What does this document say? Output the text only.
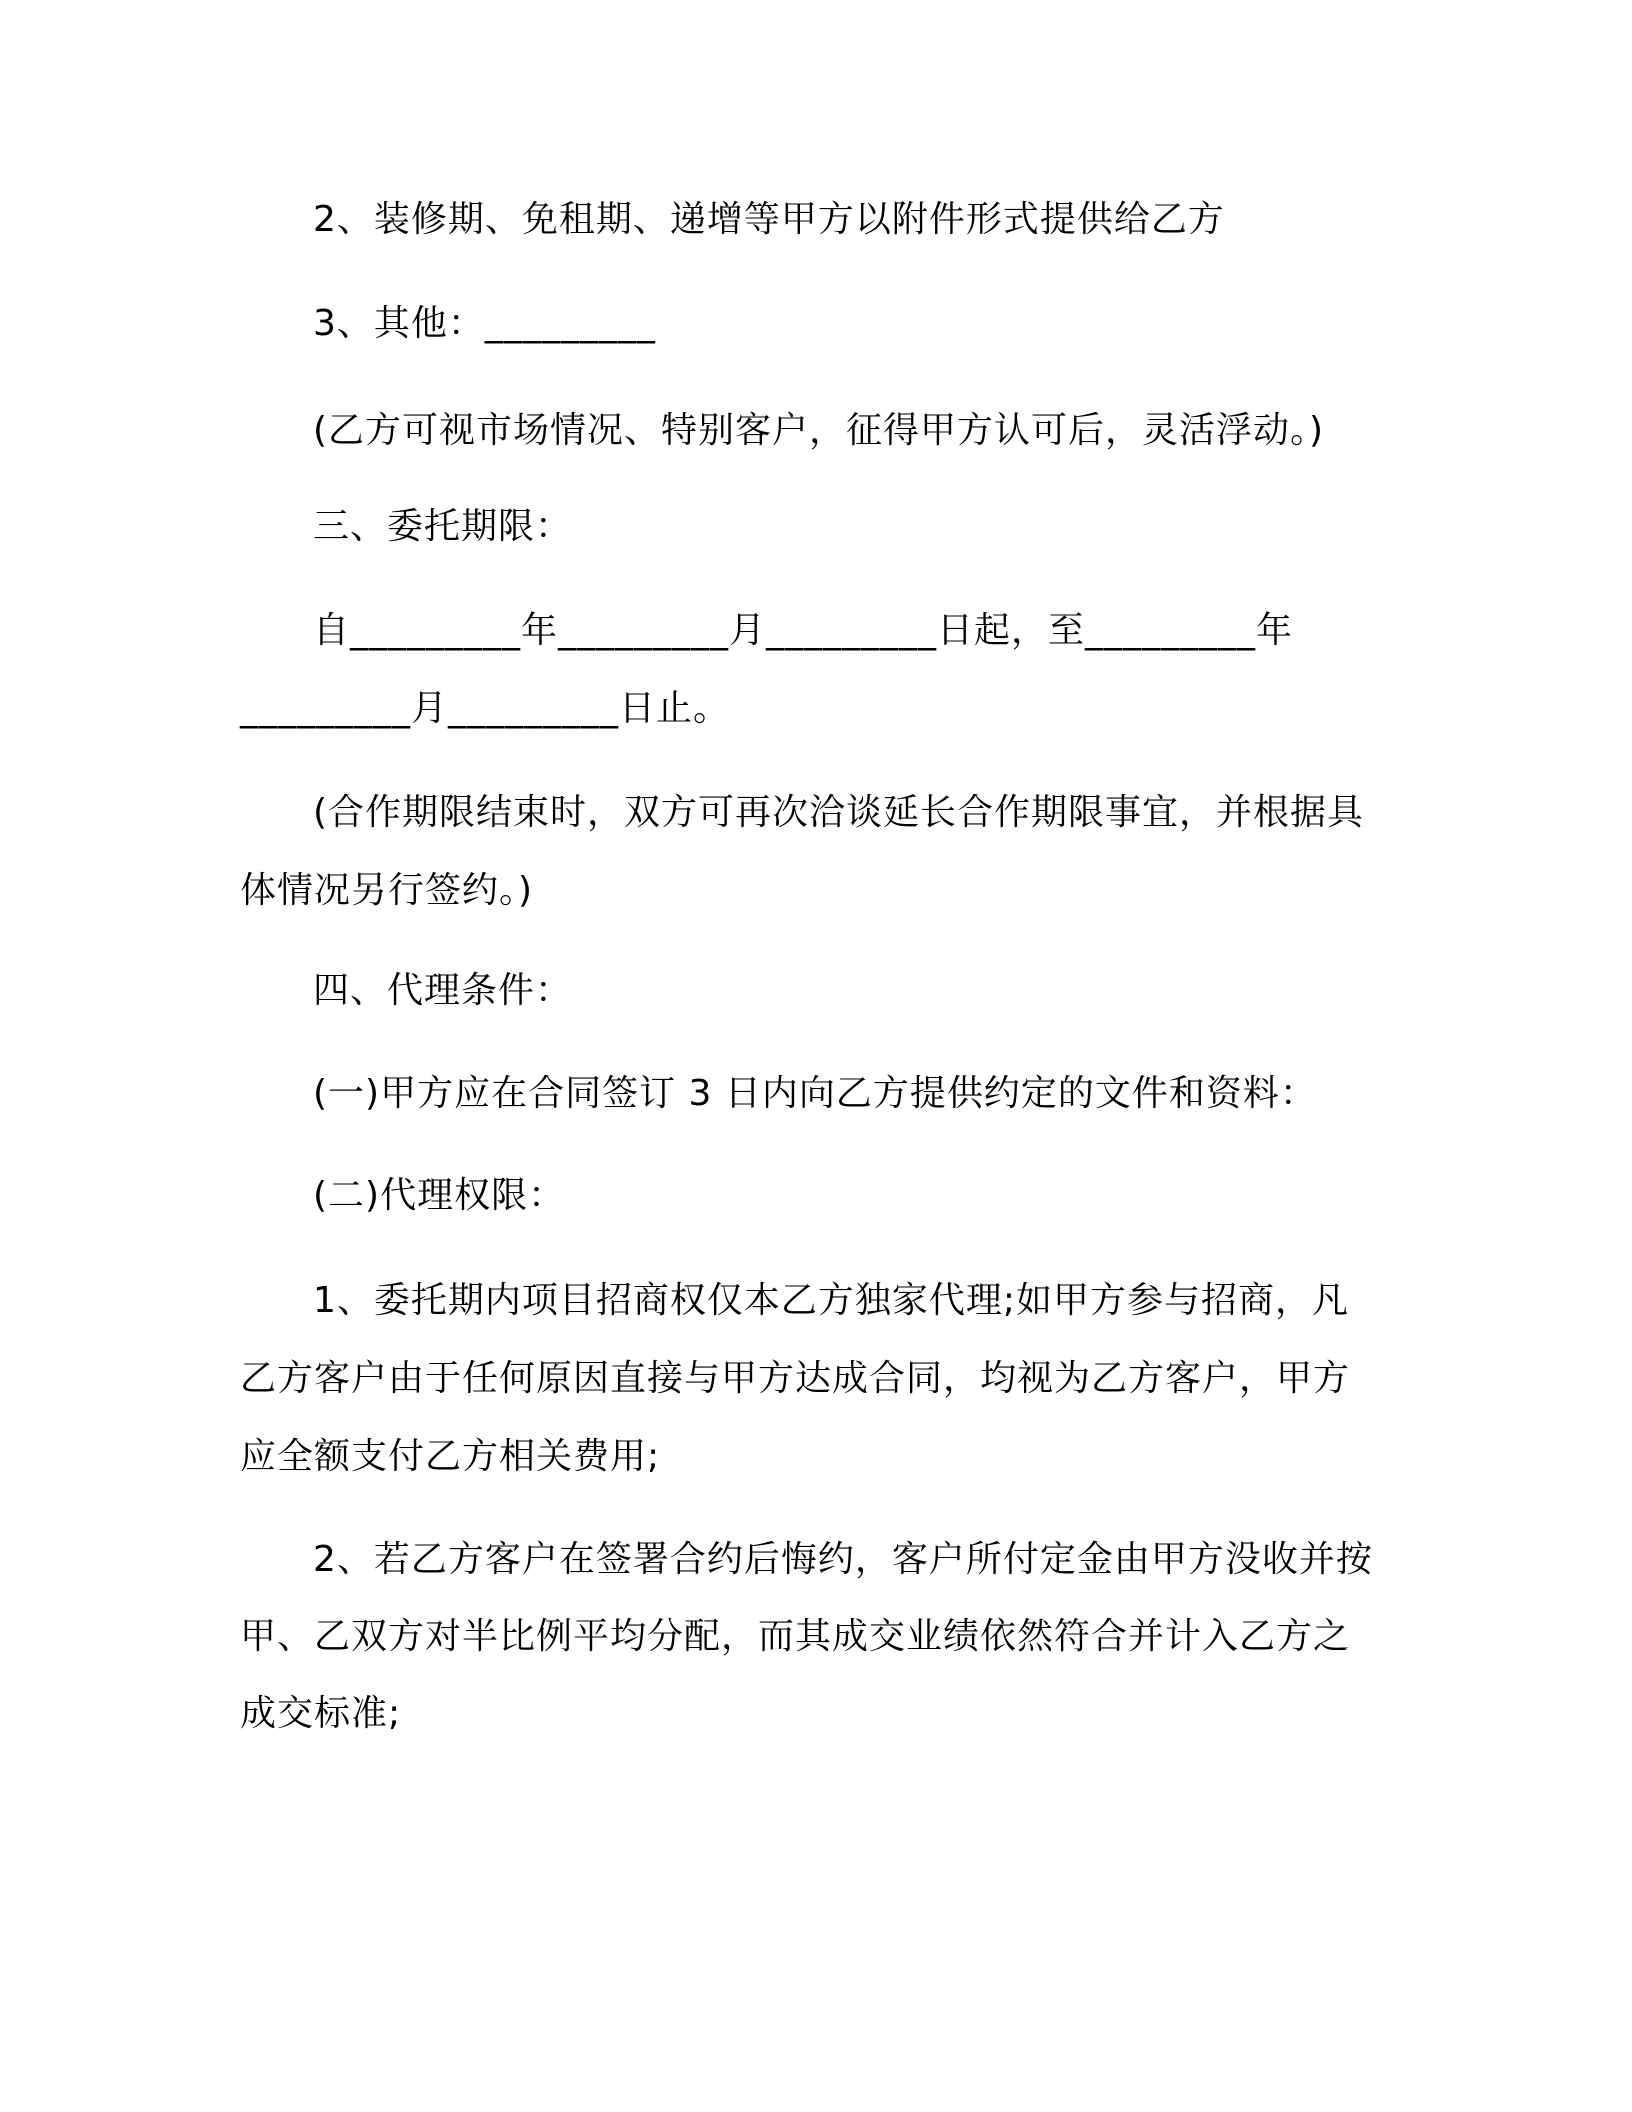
2、装修期、免租期、递增等甲方以附件形式提供给乙方
3、其他：_________
(乙方可视市场情况、特别客户，征得甲方认可后，灵活浮动。)
三、委托期限：
自_________年_________月_________日起，至_________年
_________月_________日止。
(合作期限结束时，双方可再次洽谈延长合作期限事宜，并根据具
体情况另行签约。)
四、代理条件：
(一)甲方应在合同签订 3 日内向乙方提供约定的文件和资料：
(二)代理权限：
1、委托期内项目招商权仅本乙方独家代理;如甲方参与招商，凡
乙方客户由于任何原因直接与甲方达成合同，均视为乙方客户，甲方
应全额支付乙方相关费用;
2、若乙方客户在签署合约后悔约，客户所付定金由甲方没收并按
甲、乙双方对半比例平均分配，而其成交业绩依然符合并计入乙方之
成交标准;
